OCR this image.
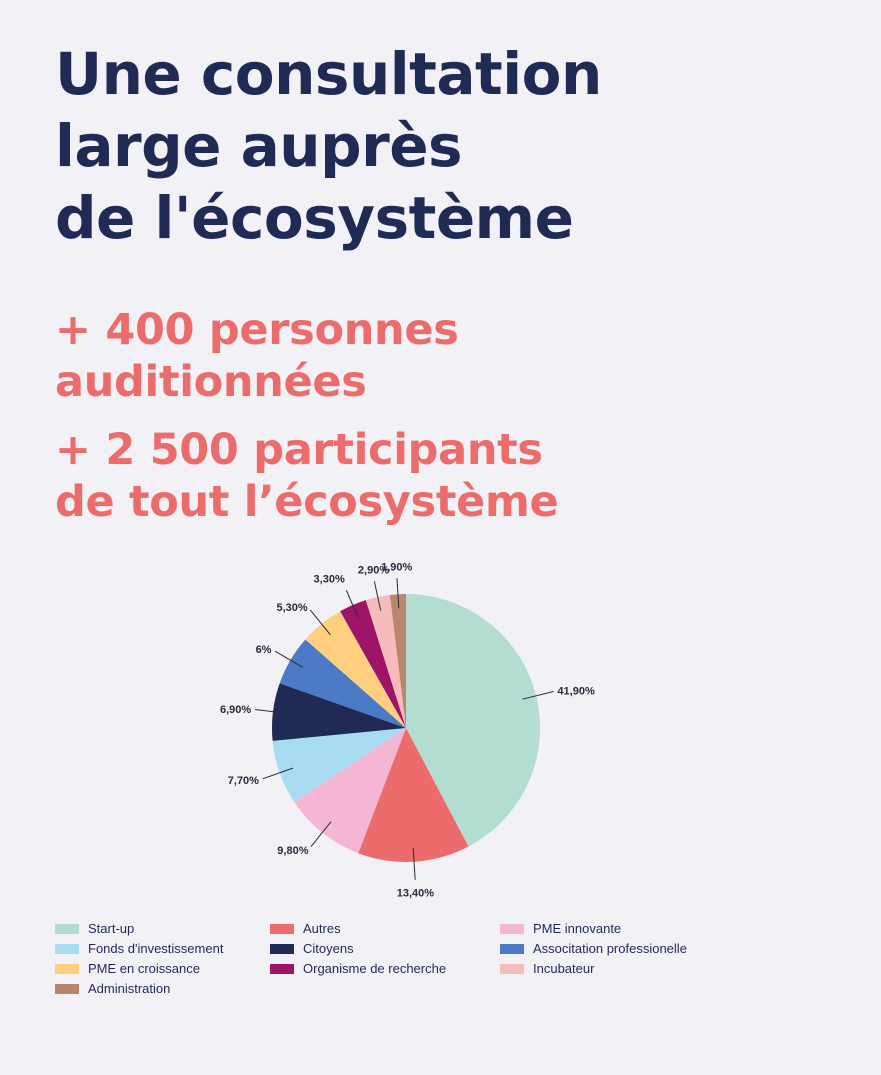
Une consultation
large auprès
de l'écosystème

+ 400 personnes
auditionnées

+ 2 500 participants
de tout l’écosystème

41,90%
13,40%
9,80%
7,70%
6,90%
6%
5,30%
3,30%
2,90%
1,90%
Start-up	Autres	PME innovante
Fonds d'investissement	Citoyens	Associtation professionelle
PME en croissance	Organisme de recherche	Incubateur
Administration
